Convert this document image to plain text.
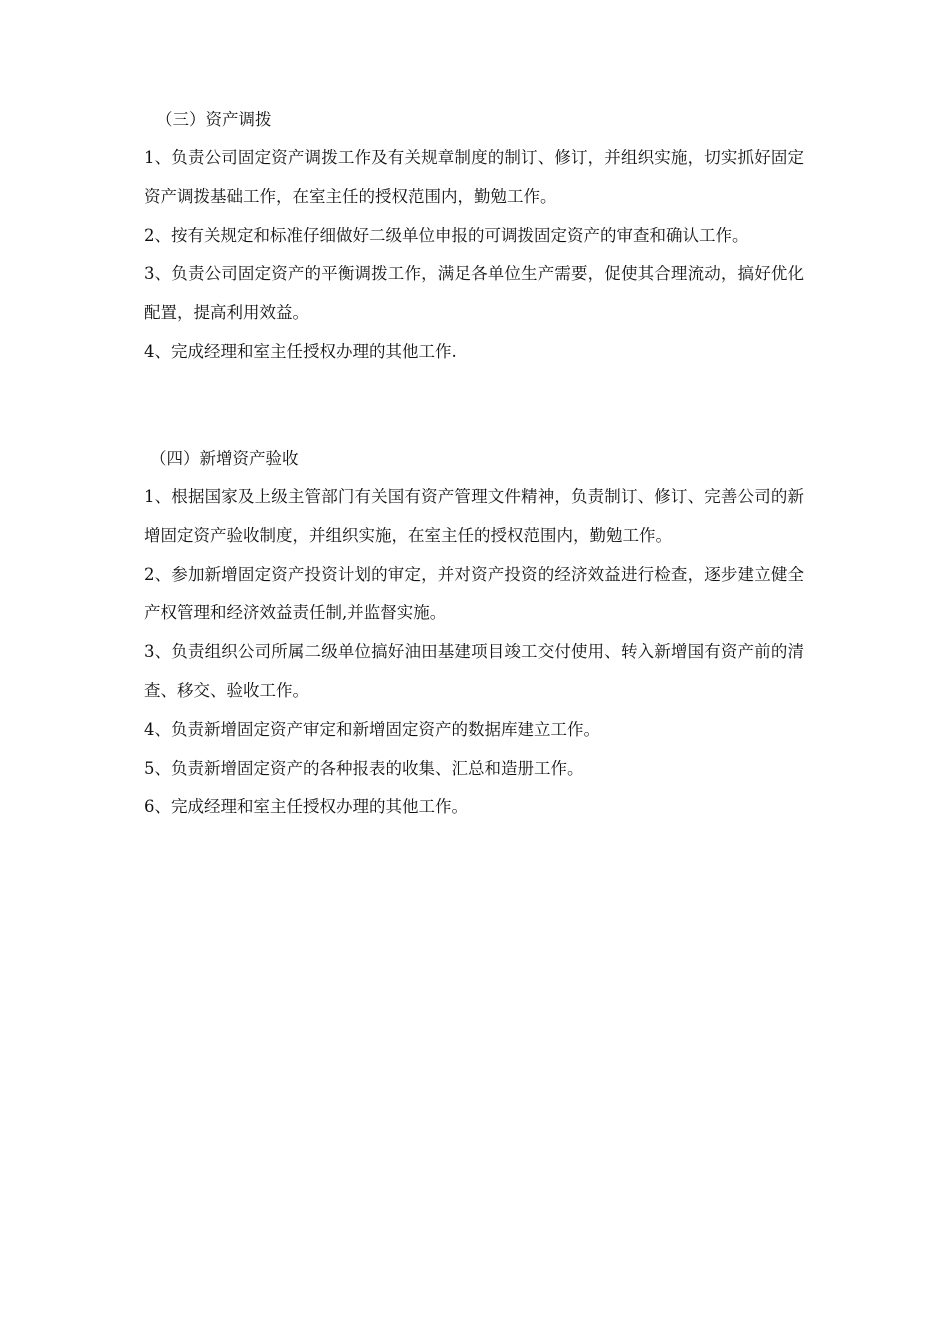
（三）资产调拨

1、负责公司固定资产调拨工作及有关规章制度的制订、修订，并组织实施，切实抓好固定资产调拨基础工作，在室主任的授权范围内，勤勉工作。

2、按有关规定和标准仔细做好二级单位申报的可调拨固定资产的审查和确认工作。

3、负责公司固定资产的平衡调拨工作，满足各单位生产需要，促使其合理流动，搞好优化配置，提高利用效益。

4、完成经理和室主任授权办理的其他工作.

（四）新增资产验收

1、根据国家及上级主管部门有关国有资产管理文件精神，负责制订、修订、完善公司的新增固定资产验收制度，并组织实施，在室主任的授权范围内，勤勉工作。

2、参加新增固定资产投资计划的审定，并对资产投资的经济效益进行检查，逐步建立健全产权管理和经济效益责任制,并监督实施。

3、负责组织公司所属二级单位搞好油田基建项目竣工交付使用、转入新增国有资产前的清查、移交、验收工作。

4、负责新增固定资产审定和新增固定资产的数据库建立工作。

5、负责新增固定资产的各种报表的收集、汇总和造册工作。

6、完成经理和室主任授权办理的其他工作。
